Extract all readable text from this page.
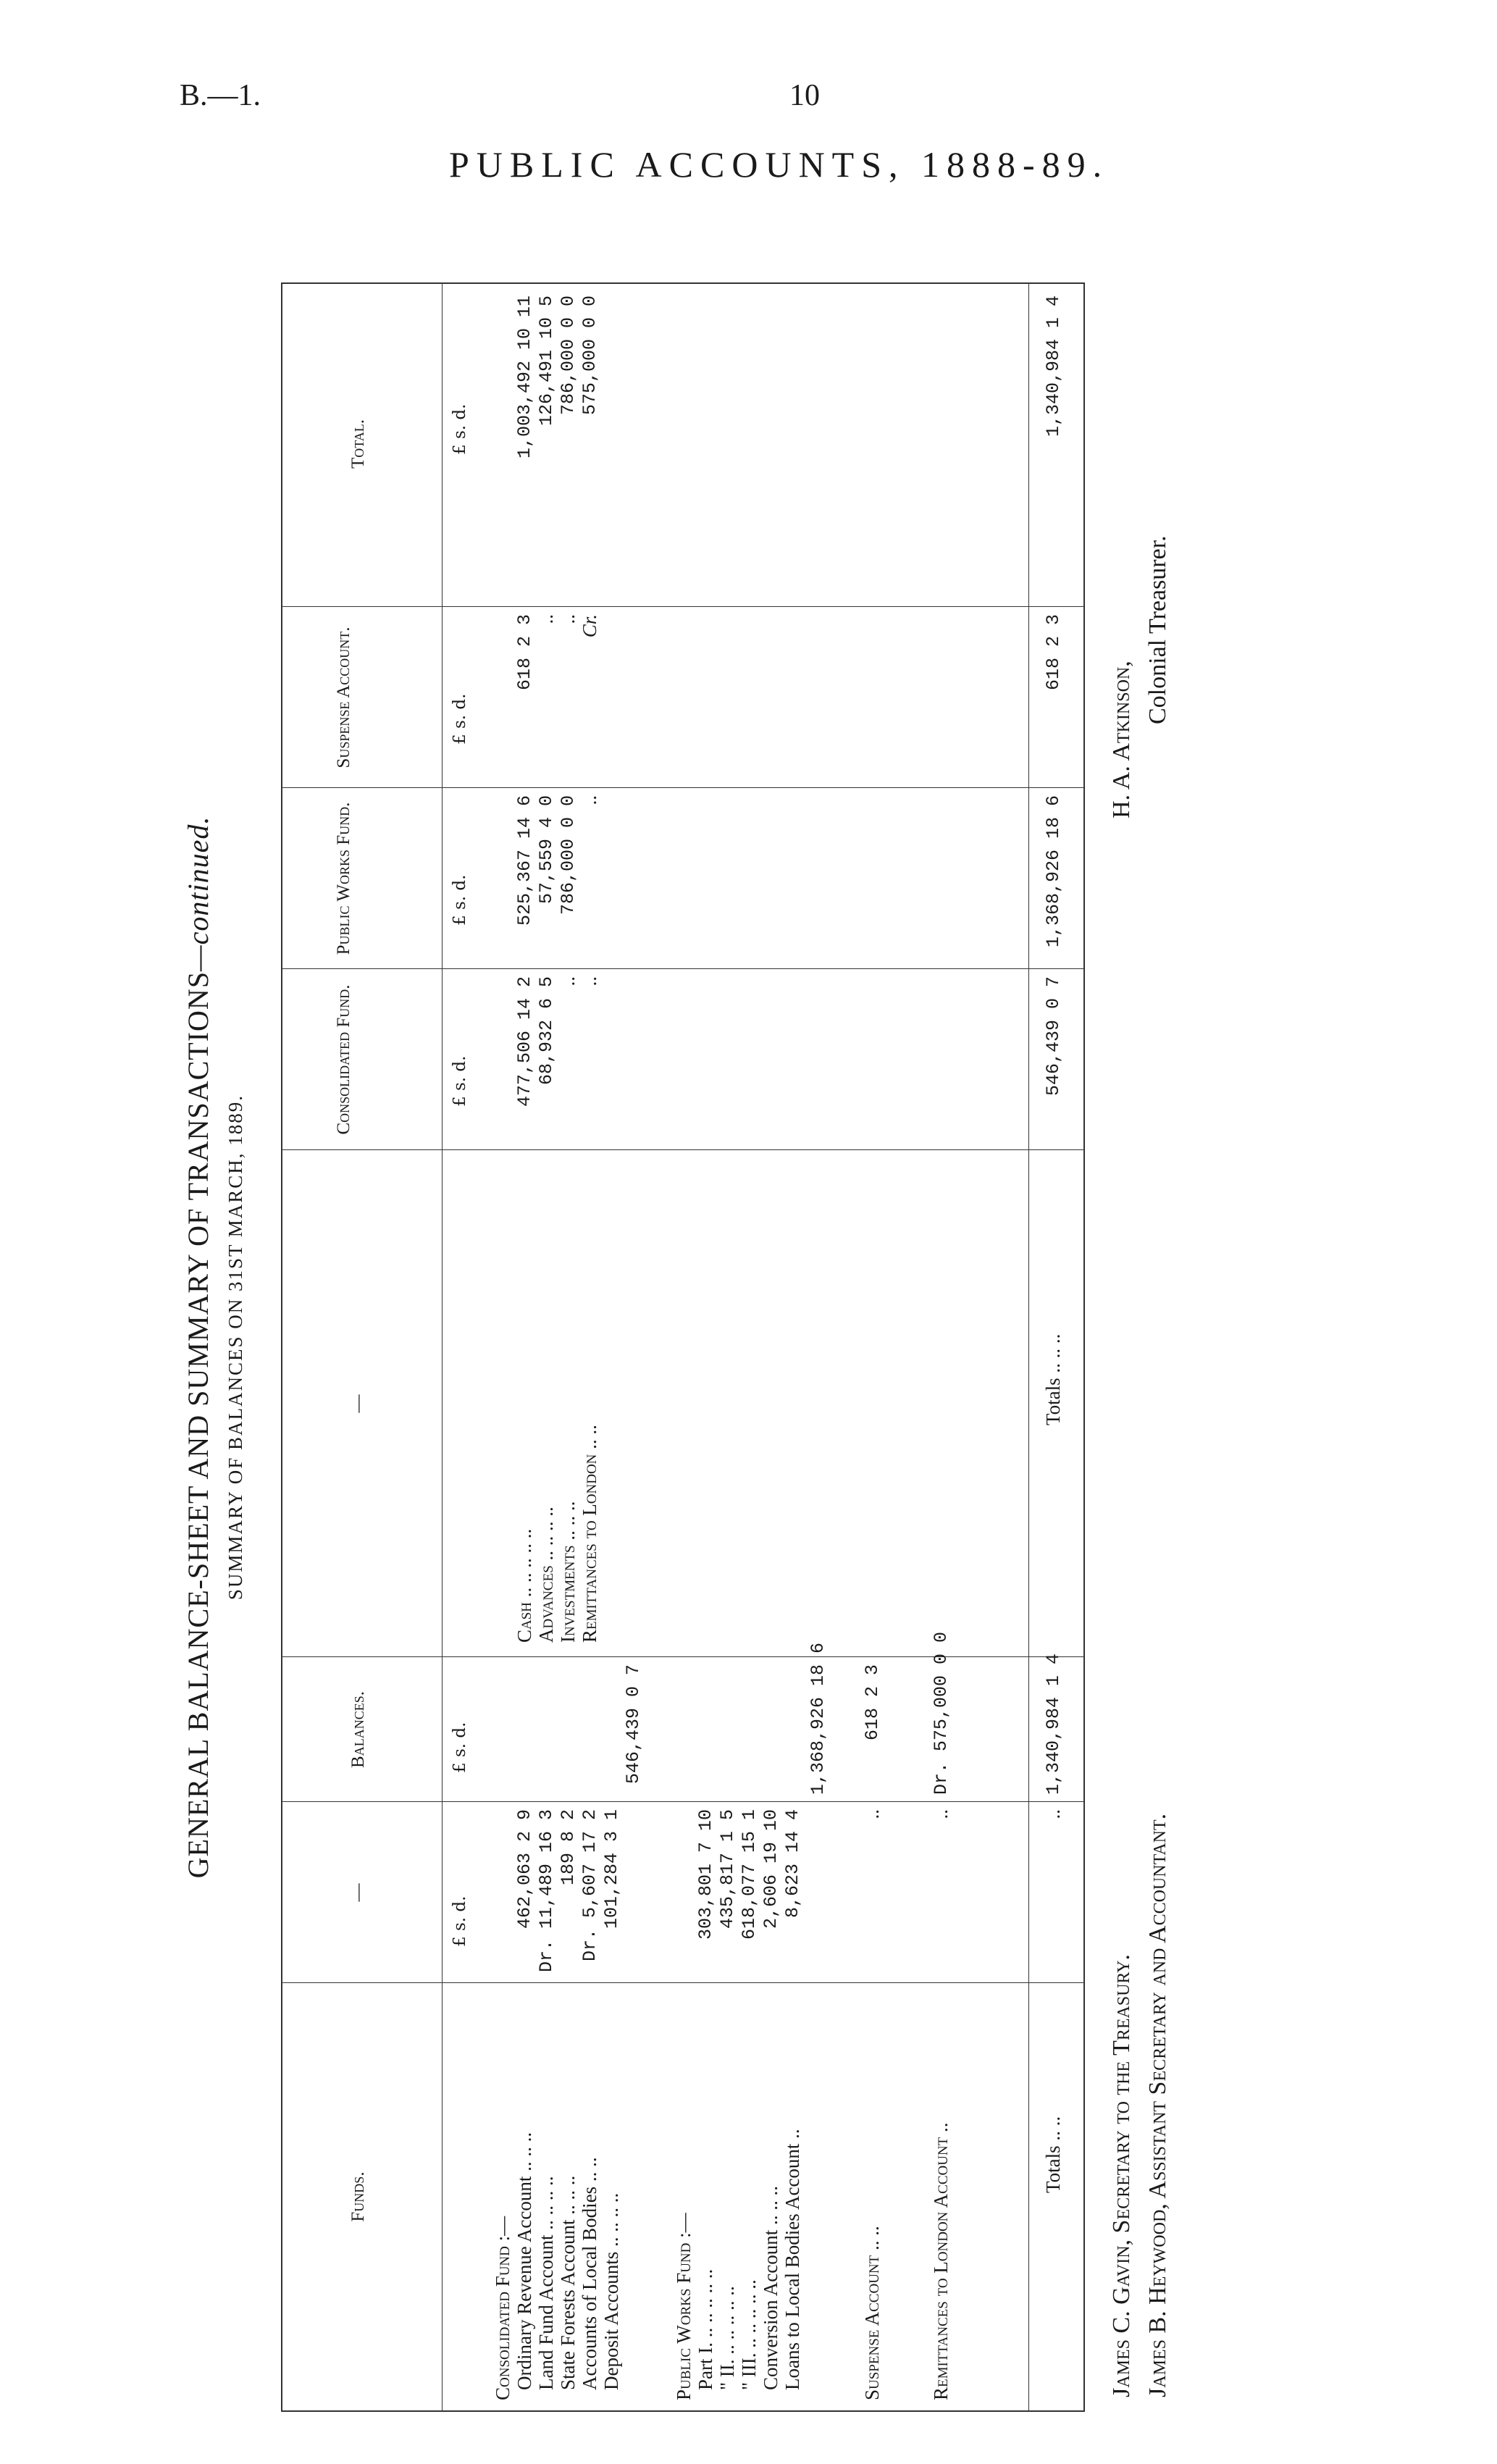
B.—1.	10
PUBLIC ACCOUNTS, 1888-89.
GENERAL BALANCE-SHEET AND SUMMARY OF TRANSACTIONS—continued.
SUMMARY OF BALANCES ON 31ST MARCH, 1889.
Funds.
—
Balances.
—
Consolidated Fund.
Public Works Fund.
Suspense Account.
Total.
£ s. d.
£ s. d.
£ s. d.
£ s. d.
£ s. d.
£ s. d.
Consolidated Fund :— Ordinary Revenue Account .. .. ..
462,063 2 9
Land Fund Account .. .. .. ..
Dr. 11,489 16 3
State Forests Account .. .. ..
189 8 2
Accounts of Local Bodies .. ..
Dr. 5,607 17 2
Deposit Accounts .. .. .. ..
101,284 3 1
546,439 0 7
Public Works Fund :— Part I. .. .. .. .. ..
303,801 7 10
" II. .. .. .. .. ..
435,817 1 5
" III. .. .. .. .. ..
618,077 15 1
Conversion Account .. .. ..
2,606 19 10
Loans to Local Bodies Account ..
8,623 14 4
1,368,926 18 6
Suspense Account .. ..
..
618 2 3
Remittances to London Account ..
..
Dr. 575,000 0 0
Totals .. ..
..
1,340,984 1 4
Cash .. .. .. .. ..
477,506 14 2
525,367 14 6
618 2 3
1,003,492 10 11
Advances .. .. .. ..
68,932 6 5
57,559 4 0
..
126,491 10 5
Investments .. .. ..
..
786,000 0 0
..
786,000 0 0
Remittances to London .. ..
..
..
Cr.
575,000 0 0
Totals .. .. ..
546,439 0 7
1,368,926 18 6
618 2 3
1,340,984 1 4
James C. Gavin, Secretary to the Treasury. James B. Heywood, Assistant Secretary and Accountant.
H. A. Atkinson,
Colonial Treasurer.
